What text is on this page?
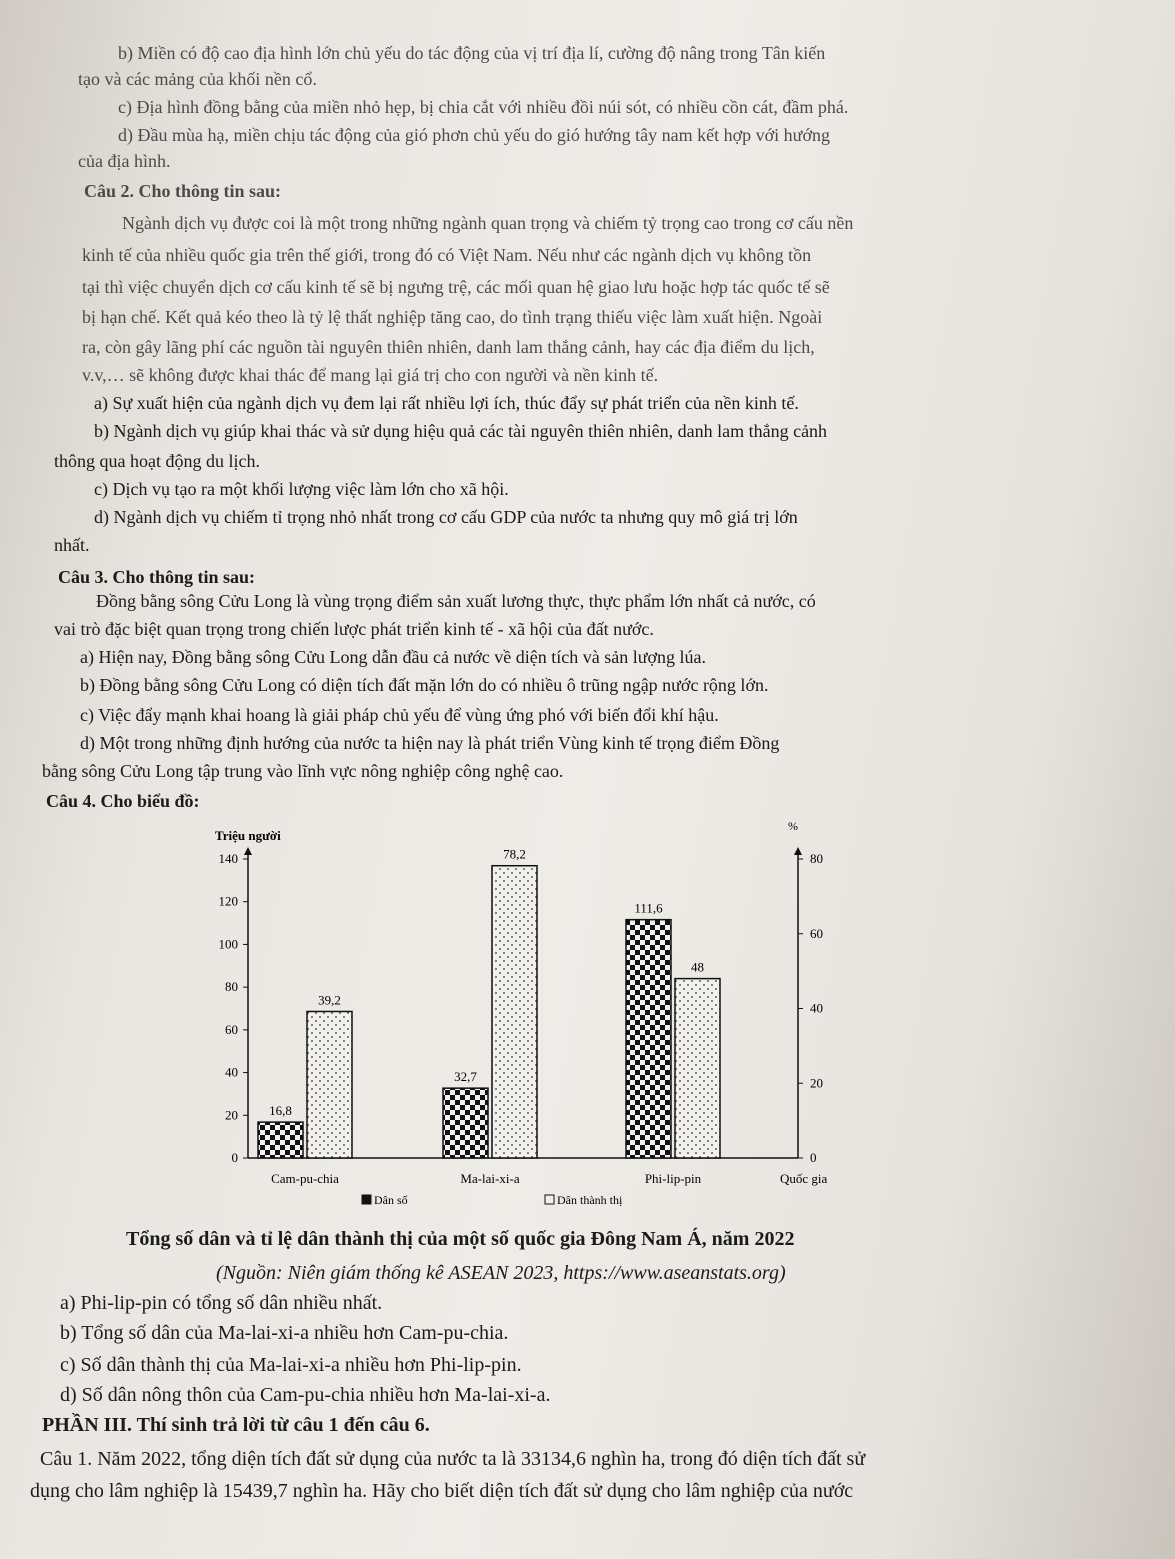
b) Miền có độ cao địa hình lớn chủ yếu do tác động của vị trí địa lí, cường độ nâng trong Tân kiến
tạo và các mảng của khối nền cổ.
c) Địa hình đồng bằng của miền nhỏ hẹp, bị chia cắt với nhiều đồi núi sót, có nhiều cồn cát, đầm phá.
d) Đầu mùa hạ, miền chịu tác động của gió phơn chủ yếu do gió hướng tây nam kết hợp với hướng
của địa hình.
Câu 2. Cho thông tin sau:
Ngành dịch vụ được coi là một trong những ngành quan trọng và chiếm tỷ trọng cao trong cơ cấu nền
kinh tế của nhiều quốc gia trên thế giới, trong đó có Việt Nam. Nếu như các ngành dịch vụ không tồn
tại thì việc chuyển dịch cơ cấu kinh tế sẽ bị ngưng trệ, các mối quan hệ giao lưu hoặc hợp tác quốc tế sẽ
bị hạn chế. Kết quả kéo theo là tỷ lệ thất nghiệp tăng cao, do tình trạng thiếu việc làm xuất hiện. Ngoài
ra, còn gây lãng phí các nguồn tài nguyên thiên nhiên, danh lam thắng cảnh, hay các địa điểm du lịch,
v.v,… sẽ không được khai thác để mang lại giá trị cho con người và nền kinh tế.
a) Sự xuất hiện của ngành dịch vụ đem lại rất nhiều lợi ích, thúc đẩy sự phát triển của nền kinh tế.
b) Ngành dịch vụ giúp khai thác và sử dụng hiệu quả các tài nguyên thiên nhiên, danh lam thắng cảnh
thông qua hoạt động du lịch.
c) Dịch vụ tạo ra một khối lượng việc làm lớn cho xã hội.
d) Ngành dịch vụ chiếm tỉ trọng nhỏ nhất trong cơ cấu GDP của nước ta nhưng quy mô giá trị lớn
nhất.
Câu 3. Cho thông tin sau:
Đồng bằng sông Cửu Long là vùng trọng điểm sản xuất lương thực, thực phẩm lớn nhất cả nước, có
vai trò đặc biệt quan trọng trong chiến lược phát triển kinh tế - xã hội của đất nước.
a) Hiện nay, Đồng bằng sông Cửu Long dẫn đầu cả nước về diện tích và sản lượng lúa.
b) Đồng bằng sông Cửu Long có diện tích đất mặn lớn do có nhiều ô trũng ngập nước rộng lớn.
c) Việc đẩy mạnh khai hoang là giải pháp chủ yếu để vùng ứng phó với biến đổi khí hậu.
d) Một trong những định hướng của nước ta hiện nay là phát triển Vùng kinh tế trọng điểm Đồng
bằng sông Cửu Long tập trung vào lĩnh vực nông nghiệp công nghệ cao.
Câu 4. Cho biểu đồ:
Triệu người
%
Quốc gia
0
20
40
60
80
100
120
140
0
20
40
60
80
Cam-pu-chia	Ma-lai-xi-a	Phi-lip-pin
16,8
39,2
32,7
78,2
111,6
48
Dân số	Dân thành thị
Tổng số dân và tỉ lệ dân thành thị của một số quốc gia Đông Nam Á, năm 2022
(Nguồn: Niên giám thống kê ASEAN 2023, https://www.aseanstats.org)
a) Phi-lip-pin có tổng số dân nhiều nhất.
b) Tổng số dân của Ma-lai-xi-a nhiều hơn Cam-pu-chia.
c) Số dân thành thị của Ma-lai-xi-a nhiều hơn Phi-lip-pin.
d) Số dân nông thôn của Cam-pu-chia nhiều hơn Ma-lai-xi-a.
PHẦN III. Thí sinh trả lời từ câu 1 đến câu 6.
Câu 1. Năm 2022, tổng diện tích đất sử dụng của nước ta là 33134,6 nghìn ha, trong đó diện tích đất sử
dụng cho lâm nghiệp là 15439,7 nghìn ha. Hãy cho biết diện tích đất sử dụng cho lâm nghiệp của nước
